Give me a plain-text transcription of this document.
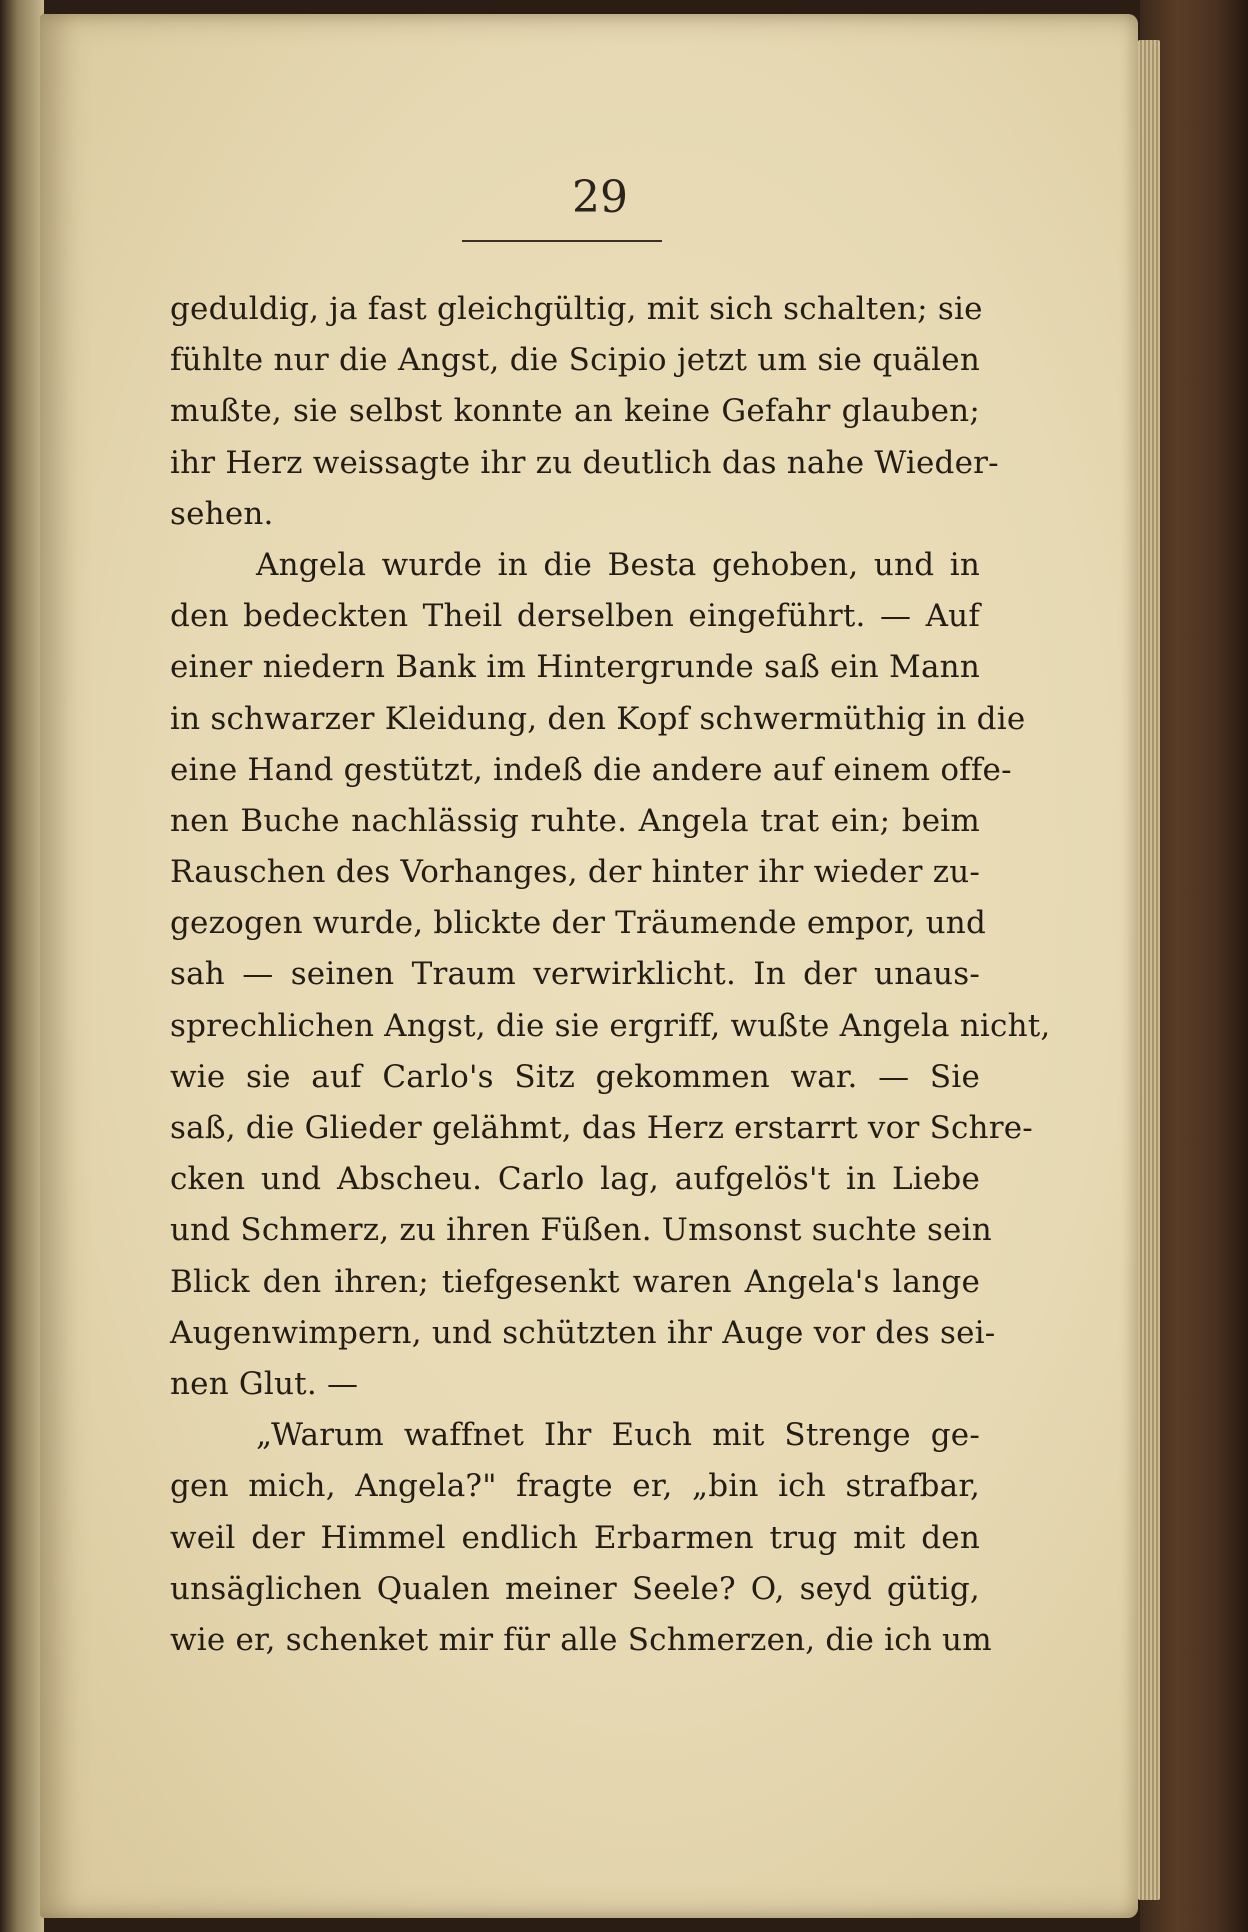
29
geduldig, ja fast gleichgültig, mit sich schalten; sie
fühlte nur die Angst, die Scipio jetzt um sie quälen
mußte, sie selbst konnte an keine Gefahr glauben;
ihr Herz weissagte ihr zu deutlich das nahe Wieder-
sehen.
Angela wurde in die Besta gehoben, und in
den bedeckten Theil derselben eingeführt. — Auf
einer niedern Bank im Hintergrunde saß ein Mann
in schwarzer Kleidung, den Kopf schwermüthig in die
eine Hand gestützt, indeß die andere auf einem offe-
nen Buche nachlässig ruhte. Angela trat ein; beim
Rauschen des Vorhanges, der hinter ihr wieder zu-
gezogen wurde, blickte der Träumende empor, und
sah — seinen Traum verwirklicht. In der unaus-
sprechlichen Angst, die sie ergriff, wußte Angela nicht,
wie sie auf Carlo's Sitz gekommen war. — Sie
saß, die Glieder gelähmt, das Herz erstarrt vor Schre-
cken und Abscheu. Carlo lag, aufgelös't in Liebe
und Schmerz, zu ihren Füßen. Umsonst suchte sein
Blick den ihren; tiefgesenkt waren Angela's lange
Augenwimpern, und schützten ihr Auge vor des sei-
nen Glut. —
„Warum waffnet Ihr Euch mit Strenge ge-
gen mich, Angela?" fragte er, „bin ich strafbar,
weil der Himmel endlich Erbarmen trug mit den
unsäglichen Qualen meiner Seele? O, seyd gütig,
wie er, schenket mir für alle Schmerzen, die ich um
